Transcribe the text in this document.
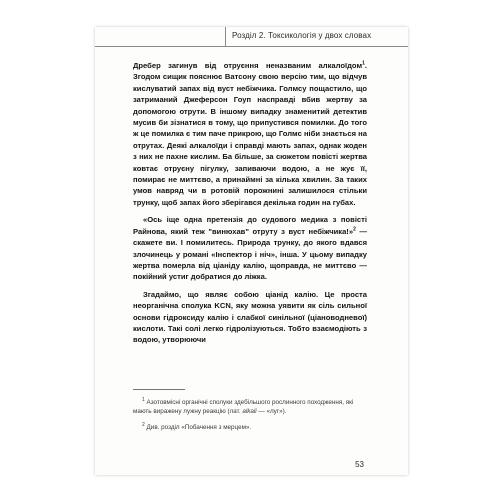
Розділ 2. Токсикологія у двох словах

Дребер загинув від отруєння неназваним алкалоїдом$^1$. Згодом сищик пояснює Ватсону свою версію тим, що відчув кислуватий запах від вуст небіжчика. Голмсу пощастило, що затриманий Джеферсон Гоуп насправді вбив жертву за допомогою отрути. В іншому випадку знаменитий детектив мусив би зізнатися в тому, що припустився помилки. До того ж це помилка є тим паче прикрою, що Голмс ніби знається на отрутах. Деякі алкалоїди і справді мають запах, однак жоден з них не пахне кислим. Ба більше, за сюжетом повісті жертва ковтає отруєну пігулку, запиваючи водою, а не жує її, помирає не миттєво, а принаймні за кілька хвилин. За таких умов навряд чи в ротовій порожнині залишилося стільки трунку, щоб запах його зберігався декілька годин на губах.

«Ось іще одна претензія до судового медика з повісті Райнова, який теж "винюхав" отруту з вуст небіжчика!»$^2$ — скажете ви. І помилитесь. Природа трунку, до якого вдався злочинець у романі «Інспектор і ніч», інша. У цьому випадку жертва померла від ціаніду калію, щоправда, не миттєво — покійний устиг добратися до ліжка.

Згадаймо, що являє собою ціанід калію. Це проста неорганічна сполука KCN, яку можна уявити як сіль сильної основи гідроксиду калію і слабкої синільної (ціановодневої) кислоти. Такі солі легко гідролізуються. Тобто взаємодіють з водою, утворюючи

$^1$ Азотовмісні органічні сполуки здебільшого рослинного походження, які мають виражену лужну реакцію (лат. alkali — «луг»).

$^2$ Див. розділ «Побачення з мерцем».

53
